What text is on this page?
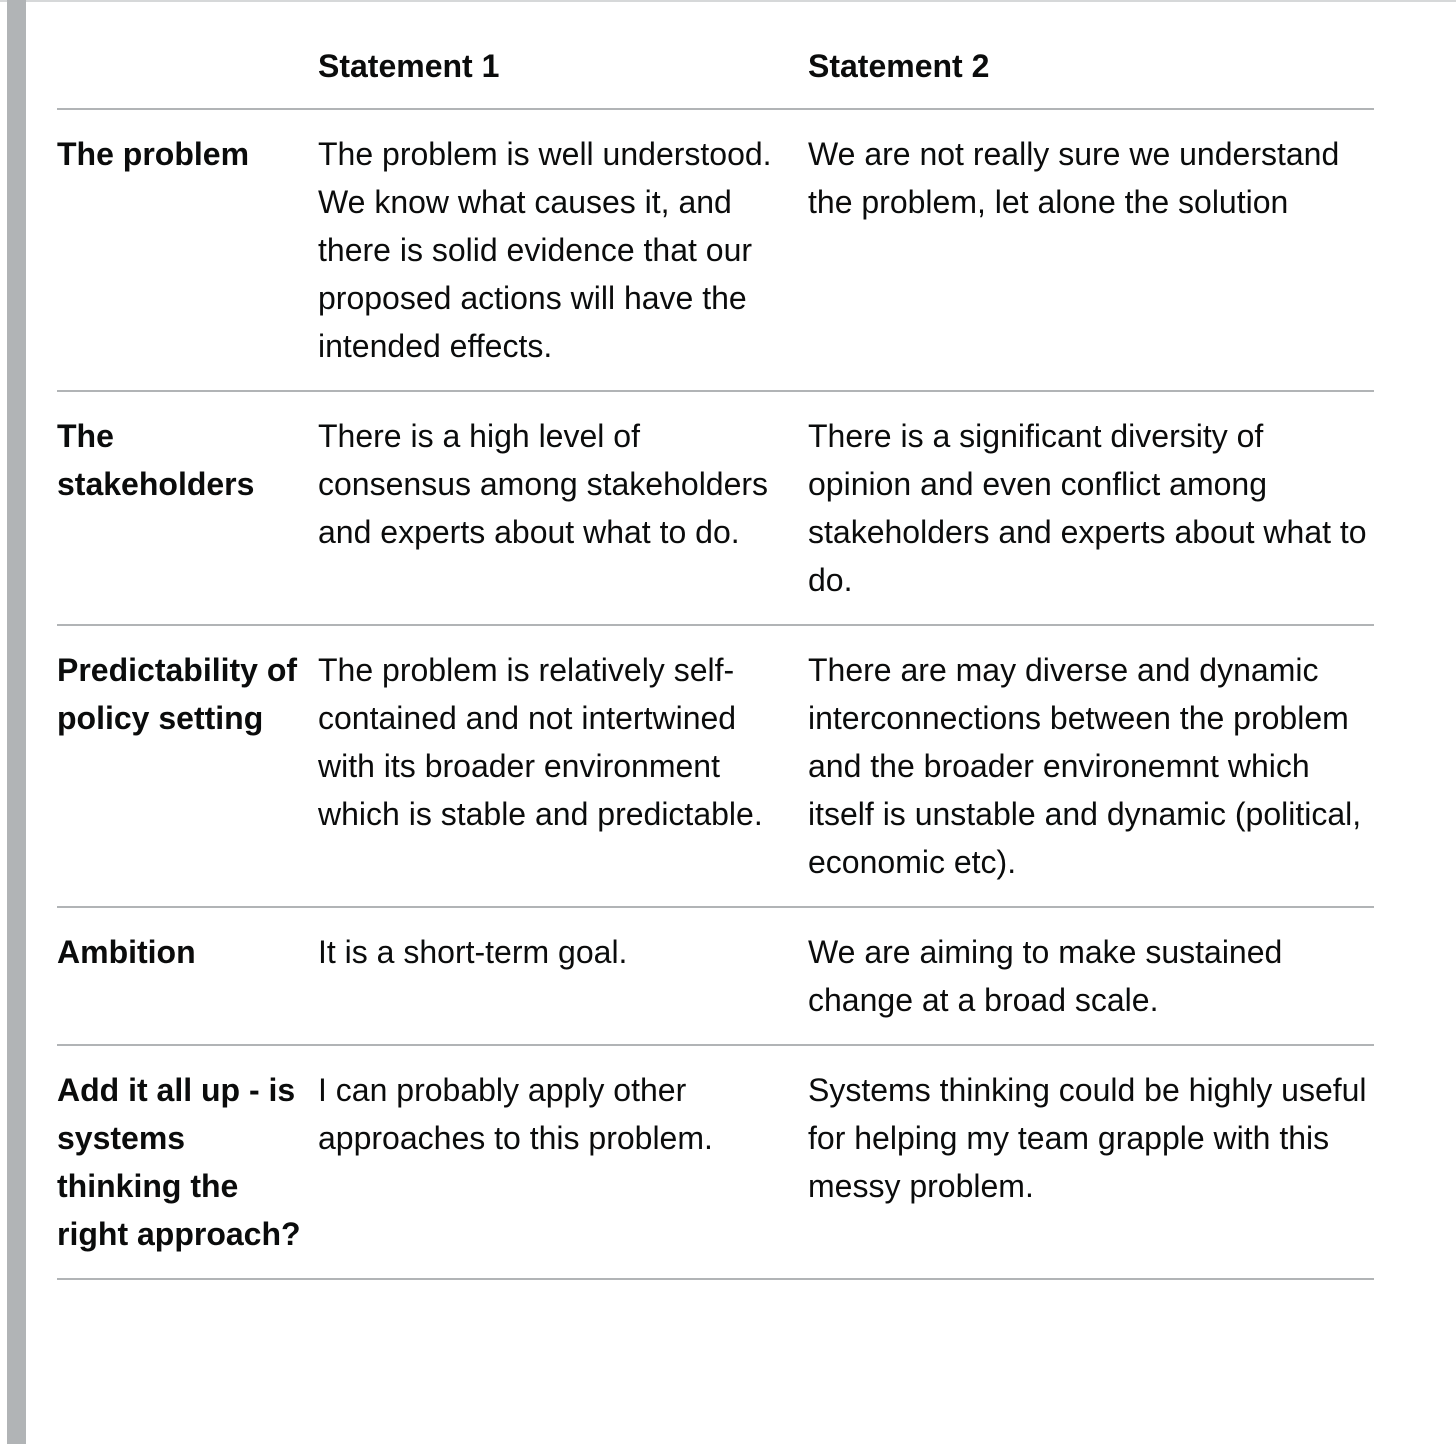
	Statement 1	Statement 2
The problem	The problem is well understood. We know what causes it, and there is solid evidence that our proposed actions will have the intended effects.	We are not really sure we understand the problem, let alone the solution
The stakeholders	There is a high level of consensus among stakeholders and experts about what to do.	There is a significant diversity of opinion and even conflict among stakeholders and experts about what to do.
Predictability of policy setting	The problem is relatively self-contained and not intertwined with its broader environment which is stable and predictable.	There are may diverse and dynamic interconnections between the problem and the broader environemnt which itself is unstable and dynamic (political, economic etc).
Ambition	It is a short-term goal.	We are aiming to make sustained change at a broad scale.
Add it all up - is systems thinking the right approach?	I can probably apply other approaches to this problem.	Systems thinking could be highly useful for helping my team grapple with this messy problem.
